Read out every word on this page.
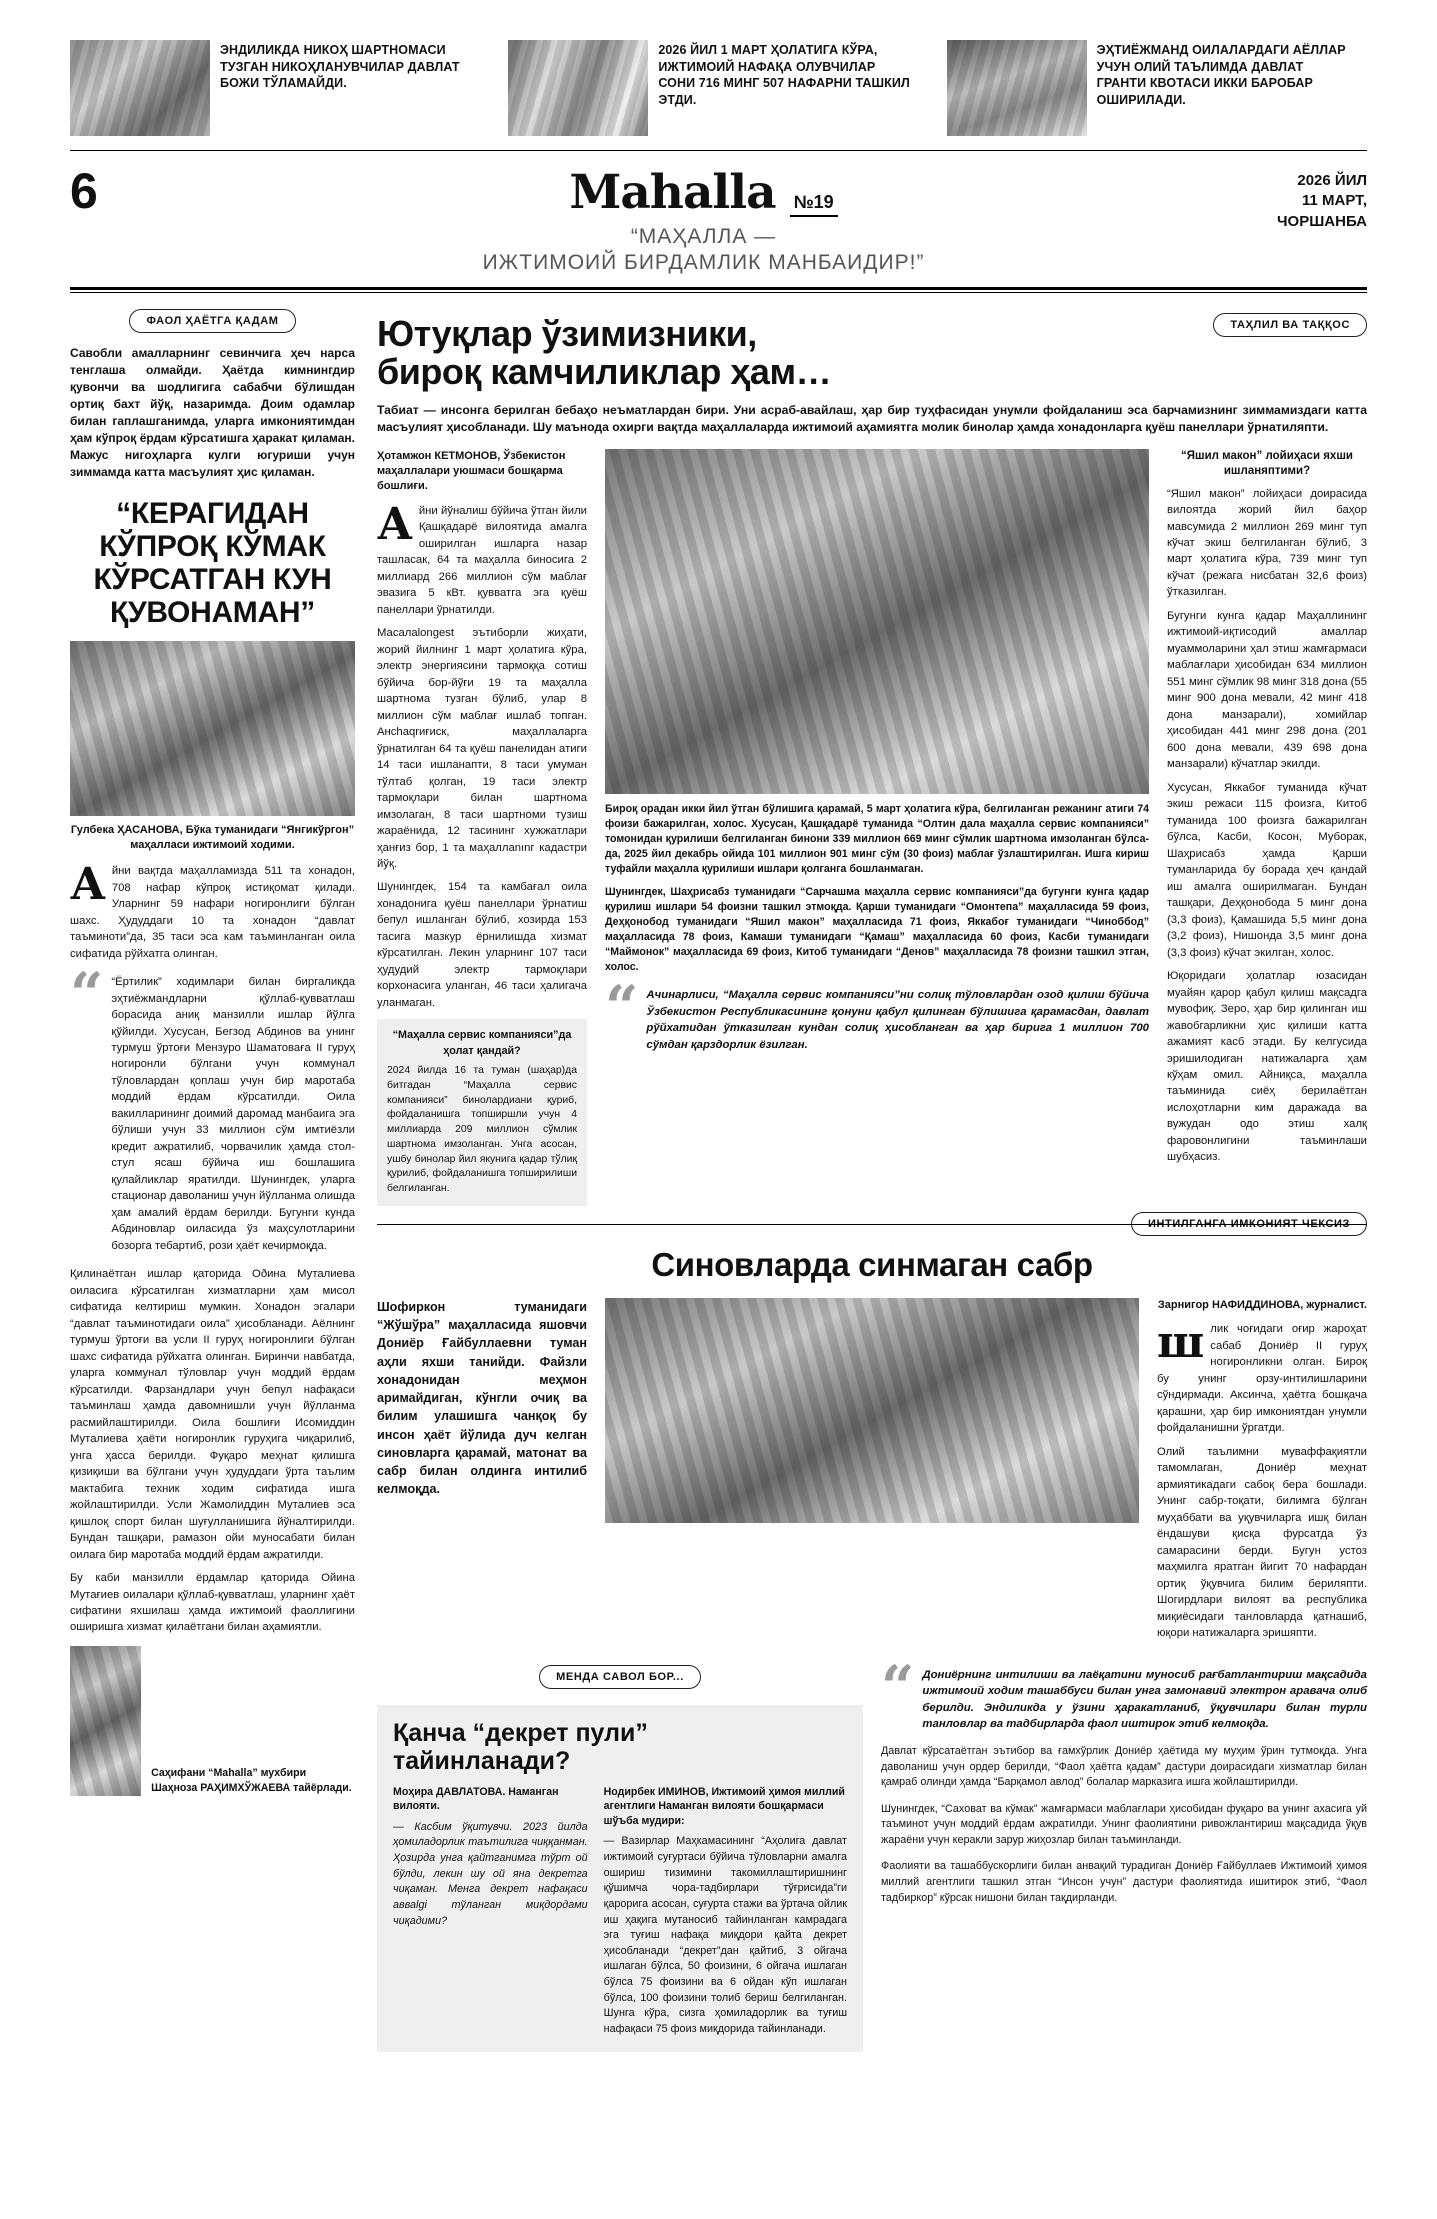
ЭНДИЛИКДА НИКОҲ ШАРТНОМАСИ ТУЗГАН НИКОҲЛАНУВЧИЛАР ДАВЛАТ БОЖИ ТЎЛАМАЙДИ.
2026 ЙИЛ 1 МАРТ ҲОЛАТИГА КЎРА, ИЖТИМОИЙ НАФАҚА ОЛУВЧИЛАР СОНИ 716 МИНГ 507 НАФАРНИ ТАШКИЛ ЭТДИ.
ЭҲТИЁЖМАНД ОИЛАЛАРДАГИ АЁЛЛАР УЧУН ОЛИЙ ТАЪЛИМДА ДАВЛАТ ГРАНТИ КВОТАСИ ИККИ БАРОБАР ОШИРИЛАДИ.
6	Mahalla №19
“МАҲАЛЛА —
ИЖТИМОИЙ БИРДАМЛИК МАНБАИДИР!”
2026 ЙИЛ
11 МАРТ,
ЧОРШАНБА
ФАОЛ ҲАЁТГА ҚАДАМ
Савобли амалларнинг севинчига ҳеч нарса тенглаша олмайди. Ҳаётда кимнингдир қувончи ва шодлигига сабабчи бўлишдан ортиқ бахт йўқ, назаримда. Доим одамлар билан гаплашганимда, уларга имкониятимдан ҳам кўпроқ ёрдам кўрсатишга ҳаракат қиламан. Мажус нигоҳларга кулги югуриши учун зиммамда катта масъулият ҳис қиламан.
“КЕРАГИДАН КЎПРОҚ КЎМАК КЎРСАТГАН КУН ҚУВОНАМАН”
Гулбека ҲАСАНОВА, Бўка туманидаги “Янгикўргон” маҳалласи ижтимоий ходими.

Айни вақтда маҳалламизда 511 та хонадон, 708 нафар кўпроқ истиқомат қилади. Уларнинг 59 нафари ногиронлиги бўлган шахс. Ҳудуддаги 10 та хонадон “давлат таъминоти”да, 35 таси эса кам таъминланган оила сифатида рўйхатга олинган.

“ “Ёртилик” ходимлари билан биргаликда эҳтиёжмандларни қўллаб-қувватлаш борасида аниқ манзилли ишлар йўлга қўйилди. Хусусан, Бегзод Абдинов ва унинг турмуш ўртоғи Мензуро Шаматоваға II гуруҳ ногиронли бўлгани учун коммунал тўловлардан қоплаш учун бир маротаба моддий ёрдам кўрсатилди. Оила вакилларининг доимий даромад манбаига эга бўлиши учун 33 миллион сўм имтиёзли кредит ажратилиб, чорвачилик ҳамда стол-стул ясаш бўйича иш бошлашига қулайликлар яратилди. Шунингдек, уларга стационар даволаниш учун йўлланма олишда ҳам амалий ёрдам берилди. Бугунги кунда Абдиновлар оиласида ўз маҳсулотларини бозорга тебартиб, рози ҳаёт кечирмоқда.

Қилинаётган ишлар қаторида Оðина Муталиева оиласига кўрсатилган хизматларни ҳам мисол сифатида келтириш мумкин. Хонадон эгалари “давлат таъминотидаги оила” ҳисобланади. Аёлнинг турмуш ўртоғи ва усли II гуруҳ ногиронлиги бўлган шахс сифатида рўйхатга олинган. Биринчи навбатда, уларга коммунал тўловлар учун моддий ёрдам кўрсатилди. Фарзандлари учун бепул нафақаси таъминлаш ҳамда давомнишли учун йўлланма расмийлаштирилди. Оила бошлиғи Исомиддин Муталиева ҳаёти ногиронлик гуруҳига чиқарилиб, унга ҳасса берилди. Фуқаро меҳнат қилишга қизиқиши ва бўлгани учун ҳудуддаги ўрта таълим мактабига техник ходим сифатида ишга жойлаштирилди. Усли Жамолиддин Муталиев эса қишлоқ спорт билан шуғулланишига йўналтирилди. Бундан ташқари, рамазон ойи муносабати билан оилага бир маротаба моддий ёрдам ажратилди.

Бу каби манзилли ёрдамлар қаторида Ойина Мутағиев оилалари қўллаб-қувватлаш, уларнинг ҳаёт сифатини яхшилаш ҳамда ижтимоий фаоллигини оширишга хизмат қилаётгани билан аҳамиятли.

Саҳифани “Mahalla” мухбири Шаҳноза РАҲИМХЎЖАЕВА тайёрлади.
Ютуқлар ўзимизники,
бироқ камчиликлар ҳам…
ТАҲЛИЛ ВА ТАҚҚОС
Табиат — инсонга берилган бебаҳо неъматлардан бири. Уни асраб-авайлаш, ҳар бир туҳфасидан унумли фойдаланиш эса барчамизнинг зиммамиздаги катта масъулият ҳисобланади. Шу маънода охирги вақтда маҳаллаларда ижтимоий аҳамиятга молик бинолар ҳамда хонадонларга қуёш панеллари ўрнатиляпти.
Ҳотамжон КЕТМОНОВ, Ўзбекистон маҳаллалари уюшмаси бошқарма бошлиғи.

Айни йўналиш бўйича ўтган йили Қашқадарё вилоятида амалга оширилган ишларга назар ташласак, 64 та маҳалла биносига 2 миллиард 266 миллион сўм маблағ эвазига 5 кВт. қувватга эга қуёш панеллари ўрнатилди.

Масалаlongest эътиборли жиҳати, жорий йилнинг 1 март ҳолатига кўра, электр энергиясини тармоққа сотиш бўйича бор-йўғи 19 та маҳалла шартнома тузган бўлиб, улар 8 миллион сўм маблағ ишлаб топган. Анchaqrиғиск, маҳаллаларга ўрнатилган 64 та қуёш панелидан атиги 14 таси ишланапти, 8 таси умуман тўлтаб қолган, 19 таси электр тармоқлари билан шартнома имзолаган, 8 таси шартноми тузиш жараёнида, 12 тасининг хужжатлари ҳанғиз бор, 1 та маҳаллаnınг кадастри йўқ.

Шунингдек, 154 та камбағал оила хонадонига қуёш панеллари ўрнатиш бепул ишланган бўлиб, хозирда 153 тасига мазкур ёрнилишда хизмат кўрсатилган. Лекин уларнинг 107 таси ҳудудий электр тармоқлари корхонасига уланган, 46 таси ҳалигача уланмаган.

“Маҳалла сервис компанияси”да ҳолат қандай?
2024 йилда 16 та туман (шаҳар)да битгадан “Маҳалла сервис компанияси” бинолардиани қуриб, фойдаланишга топширшли учун 4 миллиарда 209 миллион сўмлик шартнома имзоланган. Унга асосан, ушбу бинолар йил якунига қадар тўлиқ қурилиб, фойдаланишга топширилиши белгиланган.
Бироқ орадан икки йил ўтган бўлишига қарамай, 5 март ҳолатига кўра, белгиланган режанинг атиги 74 фоизи бажарилган, холос. Хусусан, Қашқадарё туманида “Олтин дала маҳалла сервис компанияси” томонидан қурилиши белгиланган бинони 339 миллион 669 минг сўмлик шартнома имзоланган бўлса-да, 2025 йил декабрь ойида 101 миллион 901 минг сўм (30 фоиз) маблағ ўзлаштирилган. Ишга кириш туфайли маҳалла қурилиши ишлари қолганга бошланмаган.
Шунингдек, Шаҳрисабз туманидаги “Сарчашма маҳалла сервис компанияси”да бугунги кунга қадар қурилиш ишлари 54 фоизни ташкил этмоқда. Қарши туманидаги “Омонтепа” маҳалласида 59 фоиз, Деҳқонобод туманидаги “Яшил макон” маҳалласида 71 фоиз, Яккабоғ туманидаги “Чиноббод” маҳалласида 78 фоиз, Камаши туманидаги “Қамаш” маҳалласида 60 фоиз, Касби туманидаги “Маймонок” маҳалласида 69 фоиз, Китоб туманидаги “Денов” маҳалласида 78 фоизни ташкил этган, холос.
“ Ачинарлиси, “Маҳалла сервис компанияси”ни солиқ тўловлардан озод қилиш бўйича Ўзбекистон Республикасининг қонуни қабул қилинган бўлишига қарамасдан, давлат рўйхатидан ўтказилган кундан солиқ ҳисобланган ва ҳар бирига 1 миллион 700 сўмдан қарздорлик ёзилган.
“Яшил макон” лойиҳаси яхши ишланяптими?

“Яшил макон” лойиҳаси доирасида вилоятда жорий йил баҳор мавсумида 2 миллион 269 минг туп кўчат экиш белгиланган бўлиб, 3 март ҳолатига кўра, 739 минг туп кўчат (режага нисбатан 32,6 фоиз) ўтказилган.

Бугунги кунга қадар Маҳаллининг ижтимоий-иқтисодий амаллар муаммоларини ҳал этиш жамғармаси маблағлари ҳисобидан 634 миллион 551 минг сўмлик 98 минг 318 дона (55 минг 900 дона мевали, 42 минг 418 дона манзарали), хомийлар ҳисобидан 441 минг 298 дона (201 600 дона мевали, 439 698 дона манзарали) кўчатлар экилди.

Хусусан, Яккабоғ туманида кўчат экиш режаси 115 фоизга, Китоб туманида 100 фоизга бажарилган бўлса, Касби, Косон, Муборак, Шаҳрисабз ҳамда Қарши туманларида бу борада ҳеч қандай иш амалга оширилмаган. Бундан ташқари, Деҳқонобода 5 минг дона (3,3 фоиз), Қамашида 5,5 минг дона (3,2 фоиз), Нишонда 3,5 минг дона (3,3 фоиз) кўчат экилган, холос.

Юқоридаги ҳолатлар юзасидан муайян қарор қабул қилиш мақсадга мувофиқ. Зеро, ҳар бир қилинган иш жавобгарликни ҳис қилиши катта ажамият касб этади. Бу келгусида эришилодиган натижаларга ҳам кўҳам омил. Айниқса, маҳалла таъминида сиёҳ берилаётган ислоҳотларни ким даражада ва вужудан одо этиш халқ фаровонлигини таъминлаши шубҳасиз.

ИНТИЛГАНГА ИМКОНИЯТ ЧЕКСИЗ
Синовларда синмаган сабр
Шофиркон туманидаги “Жўшўра” маҳалласида яшовчи Дониёр Ғайбуллаевни туман аҳли яхши танийди. Файзли хонадонидан меҳмон аримайдиган, кўнгли очиқ ва билим улашишга чанқоқ бу инсон ҳаёт йўлида дуч келган синовларга қарамай, матонат ва сабр билан олдинга интилиб келмоқда.
Зарнигор НАФИДДИНОВА, журналист.

шлик чоғидаги оғир жароҳат сабаб Дониёр II гуруҳ ногиронликни олган. Бироқ бу унинг орзу-интилишларини сўндирмади. Аксинча, ҳаётга бошқача қарашни, ҳар бир имкониятдан унумли фойдаланишни ўргатди.

Олий таълимни муваффақиятли тамомлаган, Дониёр меҳнат армиятикадаги сабоқ бера бошлади. Унинг сабр-тоқати, билимга бўлган муҳаббати ва уқувчиларга ишқ билан ёндашуви қисқа фурсатда ўз самарасини берди. Бугун устоз маҳмилга яратган йигит 70 нафардан ортиқ ўқувчига билим бериляпти. Шогирдлари вилоят ва республика миқиёсидаги танловларда қатнашиб, юқори натижаларга эришяпти.

МЕНДА САВОЛ БОР...
Қанча “декрет пули”
тайинланади?
Моҳира ДАВЛАТОВА. Наманган вилояти.
— Касбим ўқитувчи. 2023 йилда ҳомиладорлик таътилига чиққанман. Ҳозирда унга қайтганимга тўрт ой бўлди, лекин шу ой яна декретга чиқаман. Менга декрет нафақаси авваlgi тўланган миқдордами чиқадими?
Нодирбек ИМИНОВ, Ижтимоий ҳимоя миллий агентлиги Наманган вилояти бошқармаси шўъба мудири:
— Вазирлар Маҳкамасининг “Аҳолига давлат ижтимоий суғуртаси бўйича тўловларни амалга ошириш тизимини такомиллаштиришнинг қўшимча чора-тадбирлари тўғрисида”ги қарорига асосан, суғурта стажи ва ўртача ойлик иш ҳақига мутаносиб тайинланган камрадага эга туғиш нафақа миқдори қайта декрет ҳисобланади “декрет”дан қайтиб, 3 ойгача ишлаган бўлса, 50 фоизини, 6 ойгача ишлаган бўлса 75 фоизини ва 6 ойдан кўп ишлаган бўлса, 100 фоизини толиб бериш белгиланган. Шунга кўра, сизга ҳомиладорлик ва туғиш нафақаси 75 фоиз миқдорида тайинланади.
“ Дониёрнинг интилиши ва лаёқатини муносиб рағбатлантириш мақсадида ижтимоий ходим ташаббуси билан унга замонавий электрон аравача олиб берилди. Эндиликда у ўзини ҳаракатланиб, ўқувчилари билан турли танловлар ва тадбирларда фаол иштирок этиб келмоқда.

Давлат кўрсатаётган эътибор ва ғамхўрлик Дониёр ҳаётида му муҳим ўрин тутмоқда. Унга даволаниш учун ордер берилди, “Фаол ҳаётга қадам” дастури доирасидаги хизматлар билан қамраб олинди ҳамда “Барқамол авлод” болалар марказига ишга жойлаштирилди.

Шунингдек, “Саховат ва кўмак” жамғармаси маблағлари ҳисобидан фуқаро ва унинг ахасига уй таъминот учун моддий ёрдам ажратилди. Унинг фаолиятини ривожлантириш мақсадида ўқув жараёни учун керакли зарур жиҳозлар билан таъминланди.

Фаолияти ва ташаббускорлиги билан анвақий турадиган Дониёр Ғайбуллаев Ижтимоий ҳимоя миллий агентлиги ташкил этган “Инсон учун” дастури фаолиятида ишитирок этиб, “Фаол тадбиркор” кўрсак нишони билан тақдирланди.
